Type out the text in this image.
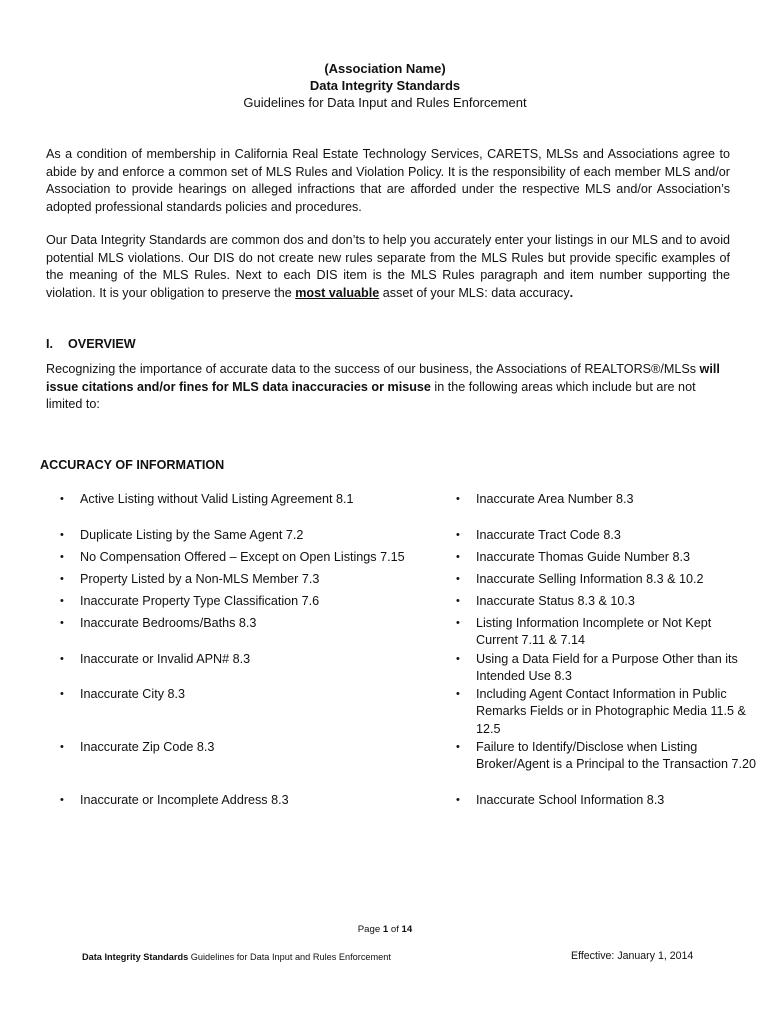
(Association Name)
Data Integrity Standards
Guidelines for Data Input and Rules Enforcement
As a condition of membership in California Real Estate Technology Services, CARETS, MLSs and Associations agree to abide by and enforce a common set of MLS Rules and Violation Policy. It is the responsibility of each member MLS and/or Association to provide hearings on alleged infractions that are afforded under the respective MLS and/or Association’s adopted professional standards policies and procedures.
Our Data Integrity Standards are common dos and don’ts to help you accurately enter your listings in our MLS and to avoid potential MLS violations. Our DIS do not create new rules separate from the MLS Rules but provide specific examples of the meaning of the MLS Rules. Next to each DIS item is the MLS Rules paragraph and item number supporting the violation. It is your obligation to preserve the most valuable asset of your MLS: data accuracy.
I. OVERVIEW
Recognizing the importance of accurate data to the success of our business, the Associations of REALTORS®/MLSs will issue citations and/or fines for MLS data inaccuracies or misuse in the following areas which include but are not limited to:
ACCURACY OF INFORMATION
• Active Listing without Valid Listing Agreement 8.1
• Duplicate Listing by the Same Agent 7.2
• No Compensation Offered – Except on Open Listings 7.15
• Property Listed by a Non-MLS Member 7.3
• Inaccurate Property Type Classification 7.6
• Inaccurate Bedrooms/Baths 8.3
• Inaccurate or Invalid APN# 8.3
• Inaccurate City 8.3
• Inaccurate Zip Code 8.3
• Inaccurate or Incomplete Address 8.3
• Inaccurate Area Number 8.3
• Inaccurate Tract Code 8.3
• Inaccurate Thomas Guide Number 8.3
• Inaccurate Selling Information 8.3 & 10.2
• Inaccurate Status 8.3 & 10.3
• Listing Information Incomplete or Not Kept Current 7.11 & 7.14
• Using a Data Field for a Purpose Other than its Intended Use 8.3
• Including Agent Contact Information in Public Remarks Fields or in Photographic Media 11.5 & 12.5
• Failure to Identify/Disclose when Listing Broker/Agent is a Principal to the Transaction 7.20
• Inaccurate School Information 8.3
Page 1 of 14
Data Integrity Standards Guidelines for Data Input and Rules Enforcement	Effective: January 1, 2014
